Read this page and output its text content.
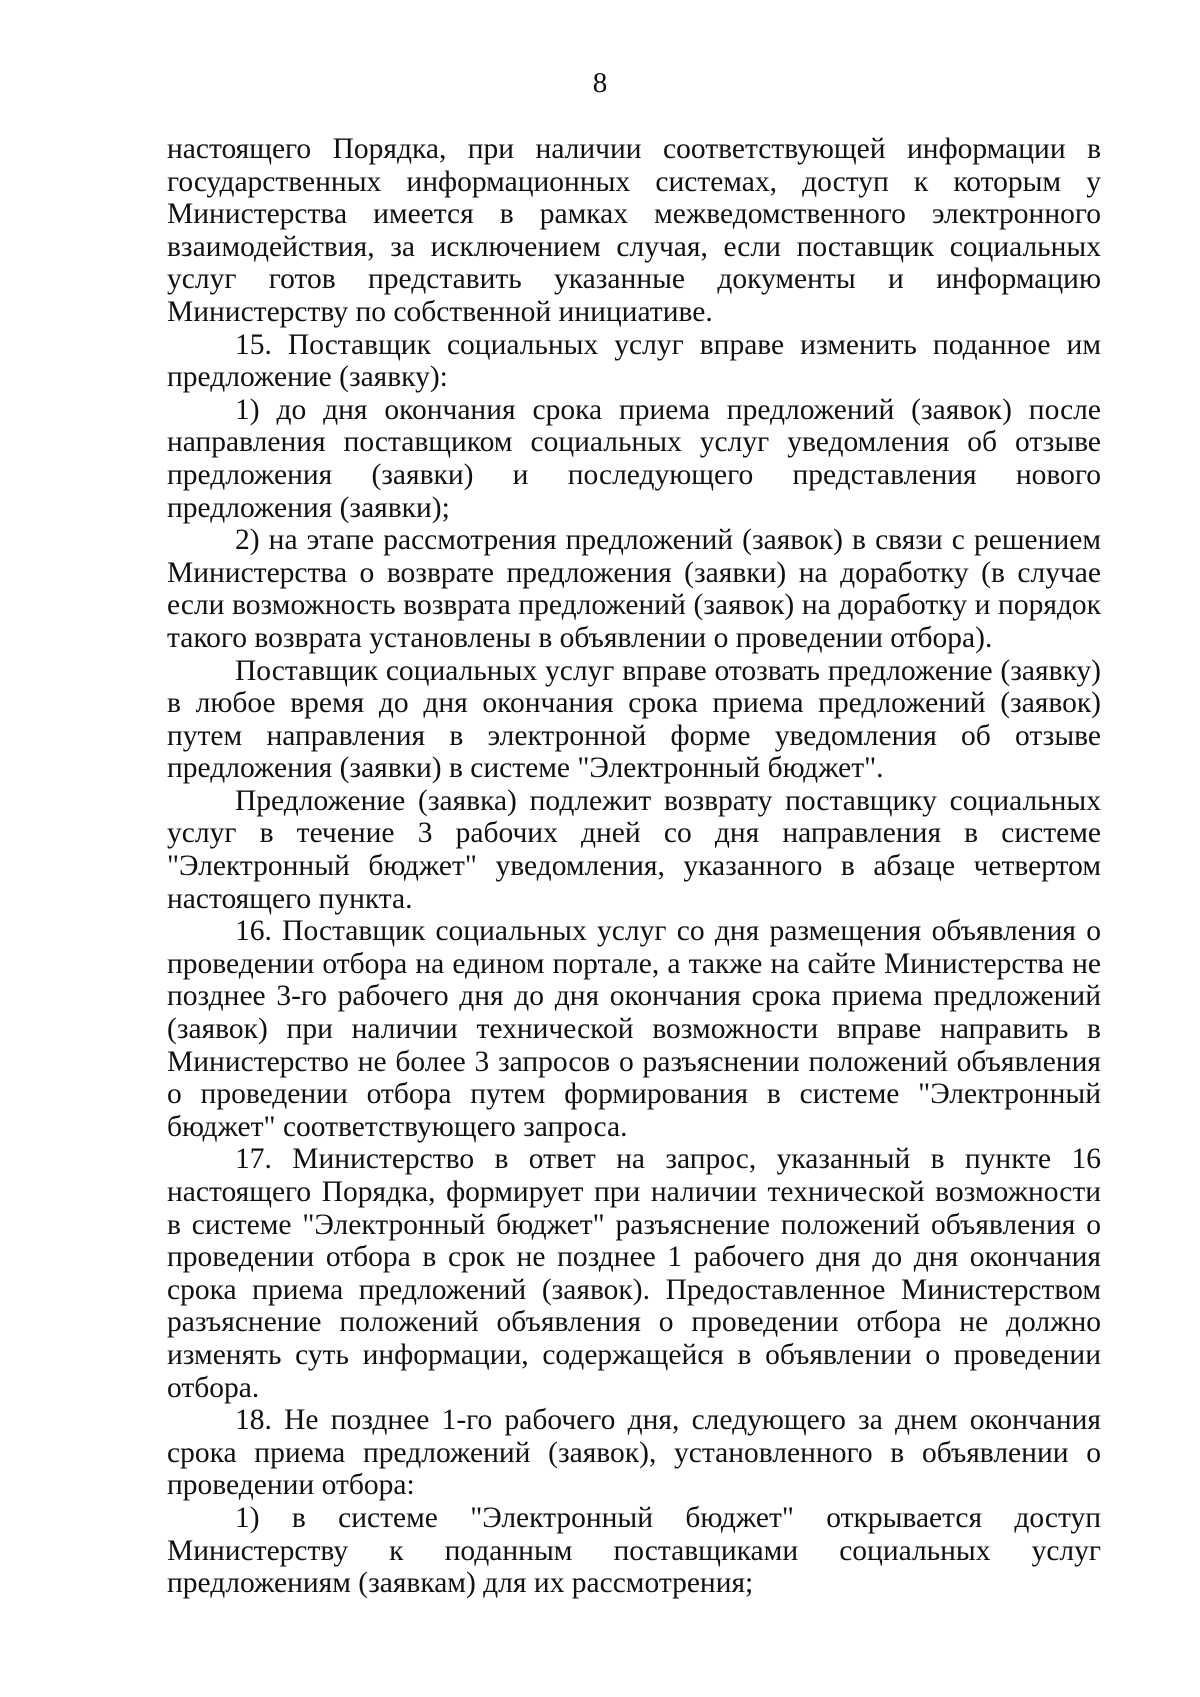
8

настоящего Порядка, при наличии соответствующей информации в государственных информационных системах, доступ к которым у Министерства имеется в рамках межведомственного электронного взаимодействия, за исключением случая, если поставщик социальных услуг готов представить указанные документы и информацию Министерству по собственной инициативе.

15. Поставщик социальных услуг вправе изменить поданное им предложение (заявку):

1) до дня окончания срока приема предложений (заявок) после направления поставщиком социальных услуг уведомления об отзыве предложения (заявки) и последующего представления нового предложения (заявки);

2) на этапе рассмотрения предложений (заявок) в связи с решением Министерства о возврате предложения (заявки) на доработку (в случае если возможность возврата предложений (заявок) на доработку и порядок такого возврата установлены в объявлении о проведении отбора).

Поставщик социальных услуг вправе отозвать предложение (заявку) в любое время до дня окончания срока приема предложений (заявок) путем направления в электронной форме уведомления об отзыве предложения (заявки) в системе "Электронный бюджет".

Предложение (заявка) подлежит возврату поставщику социальных услуг в течение 3 рабочих дней со дня направления в системе "Электронный бюджет" уведомления, указанного в абзаце четвертом настоящего пункта.

16. Поставщик социальных услуг со дня размещения объявления о проведении отбора на едином портале, а также на сайте Министерства не позднее 3-го рабочего дня до дня окончания срока приема предложений (заявок) при наличии технической возможности вправе направить в Министерство не более 3 запросов о разъяснении положений объявления о проведении отбора путем формирования в системе "Электронный бюджет" соответствующего запроса.

17. Министерство в ответ на запрос, указанный в пункте 16 настоящего Порядка, формирует при наличии технической возможности в системе "Электронный бюджет" разъяснение положений объявления о проведении отбора в срок не позднее 1 рабочего дня до дня окончания срока приема предложений (заявок). Предоставленное Министерством разъяснение положений объявления о проведении отбора не должно изменять суть информации, содержащейся в объявлении о проведении отбора.

18. Не позднее 1-го рабочего дня, следующего за днем окончания срока приема предложений (заявок), установленного в объявлении о проведении отбора:

1) в системе "Электронный бюджет" открывается доступ Министерству к поданным поставщиками социальных услуг предложениям (заявкам) для их рассмотрения;
